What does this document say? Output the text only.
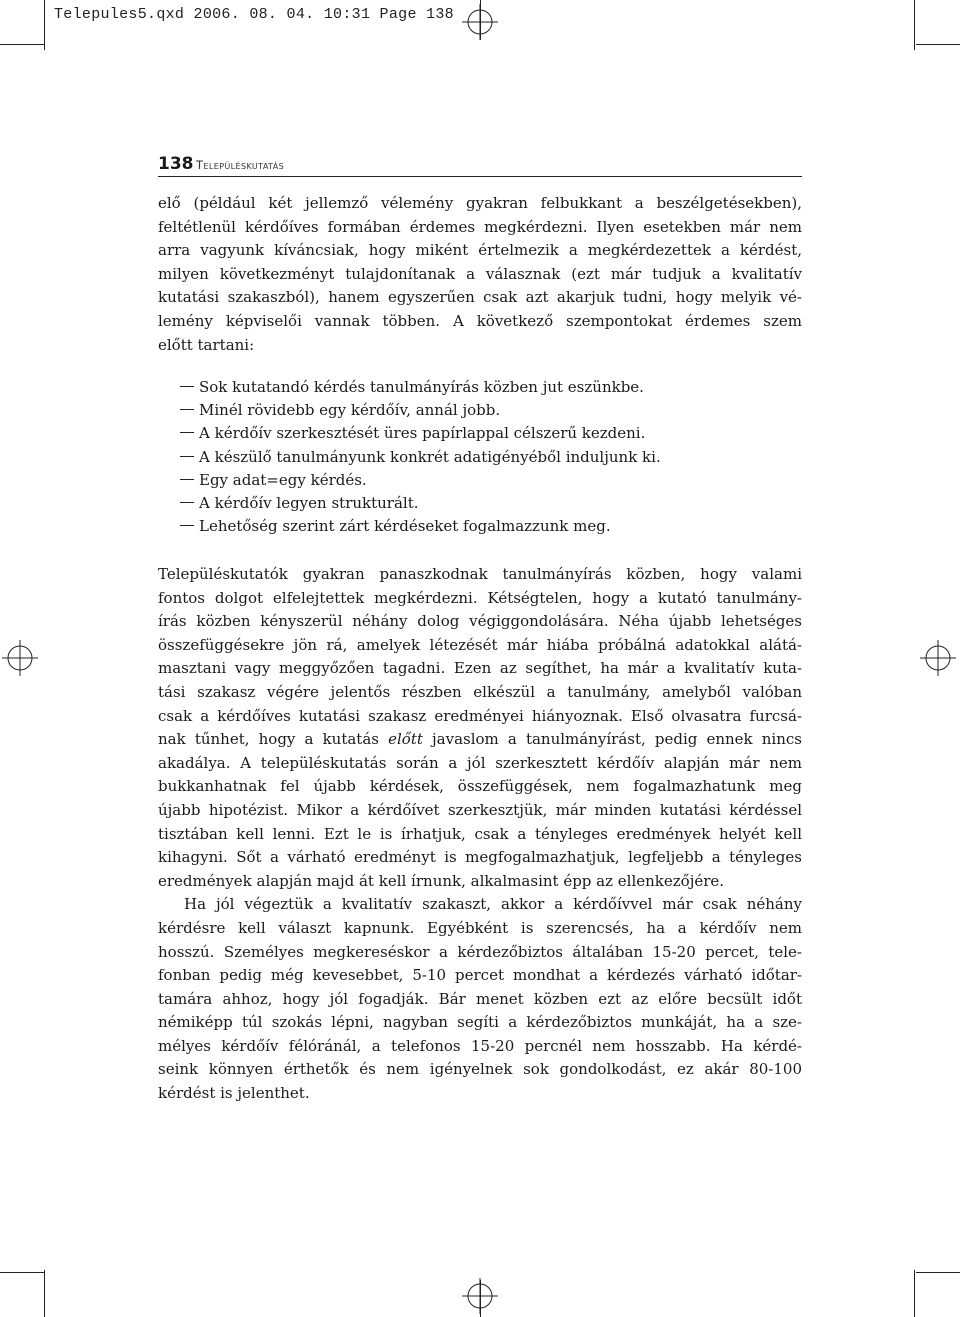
Telepules5.qxd 2006. 08. 04. 10:31 Page 138
138 Településkutatás
elő (például két jellemző vélemény gyakran felbukkant a beszélgetésekben),
feltétlenül kérdőíves formában érdemes megkérdezni. Ilyen esetekben már nem
arra vagyunk kíváncsiak, hogy miként értelmezik a megkérdezettek a kérdést,
milyen következményt tulajdonítanak a válasznak (ezt már tudjuk a kvalitatív
kutatási szakaszból), hanem egyszerűen csak azt akarjuk tudni, hogy melyik vé-
lemény képviselői vannak többen. A következő szempontokat érdemes szem
előtt tartani:
Sok kutatandó kérdés tanulmányírás közben jut eszünkbe.
Minél rövidebb egy kérdőív, annál jobb.
A kérdőív szerkesztését üres papírlappal célszerű kezdeni.
A készülő tanulmányunk konkrét adatigényéből induljunk ki.
Egy adat=egy kérdés.
A kérdőív legyen strukturált.
Lehetőség szerint zárt kérdéseket fogalmazzunk meg.
Településkutatók gyakran panaszkodnak tanulmányírás közben, hogy valami
fontos dolgot elfelejtettek megkérdezni. Kétségtelen, hogy a kutató tanulmány-
írás közben kényszerül néhány dolog végiggondolására. Néha újabb lehetséges
összefüggésekre jön rá, amelyek létezését már hiába próbálná adatokkal alátá-
masztani vagy meggyőzően tagadni. Ezen az segíthet, ha már a kvalitatív kuta-
tási szakasz végére jelentős részben elkészül a tanulmány, amelyből valóban
csak a kérdőíves kutatási szakasz eredményei hiányoznak. Első olvasatra furcsá-
nak tűnhet, hogy a kutatás előtt javaslom a tanulmányírást, pedig ennek nincs
akadálya. A településkutatás során a jól szerkesztett kérdőív alapján már nem
bukkanhatnak fel újabb kérdések, összefüggések, nem fogalmazhatunk meg
újabb hipotézist. Mikor a kérdőívet szerkesztjük, már minden kutatási kérdéssel
tisztában kell lenni. Ezt le is írhatjuk, csak a tényleges eredmények helyét kell
kihagyni. Sőt a várható eredményt is megfogalmazhatjuk, legfeljebb a tényleges
eredmények alapján majd át kell írnunk, alkalmasint épp az ellenkezőjére.
Ha jól végeztük a kvalitatív szakaszt, akkor a kérdőívvel már csak néhány
kérdésre kell választ kapnunk. Egyébként is szerencsés, ha a kérdőív nem
hosszú. Személyes megkereséskor a kérdezőbiztos általában 15-20 percet, tele-
fonban pedig még kevesebbet, 5-10 percet mondhat a kérdezés várható időtar-
tamára ahhoz, hogy jól fogadják. Bár menet közben ezt az előre becsült időt
némiképp túl szokás lépni, nagyban segíti a kérdezőbiztos munkáját, ha a sze-
mélyes kérdőív félóránál, a telefonos 15-20 percnél nem hosszabb. Ha kérdé-
seink könnyen érthetők és nem igényelnek sok gondolkodást, ez akár 80-100
kérdést is jelenthet.
